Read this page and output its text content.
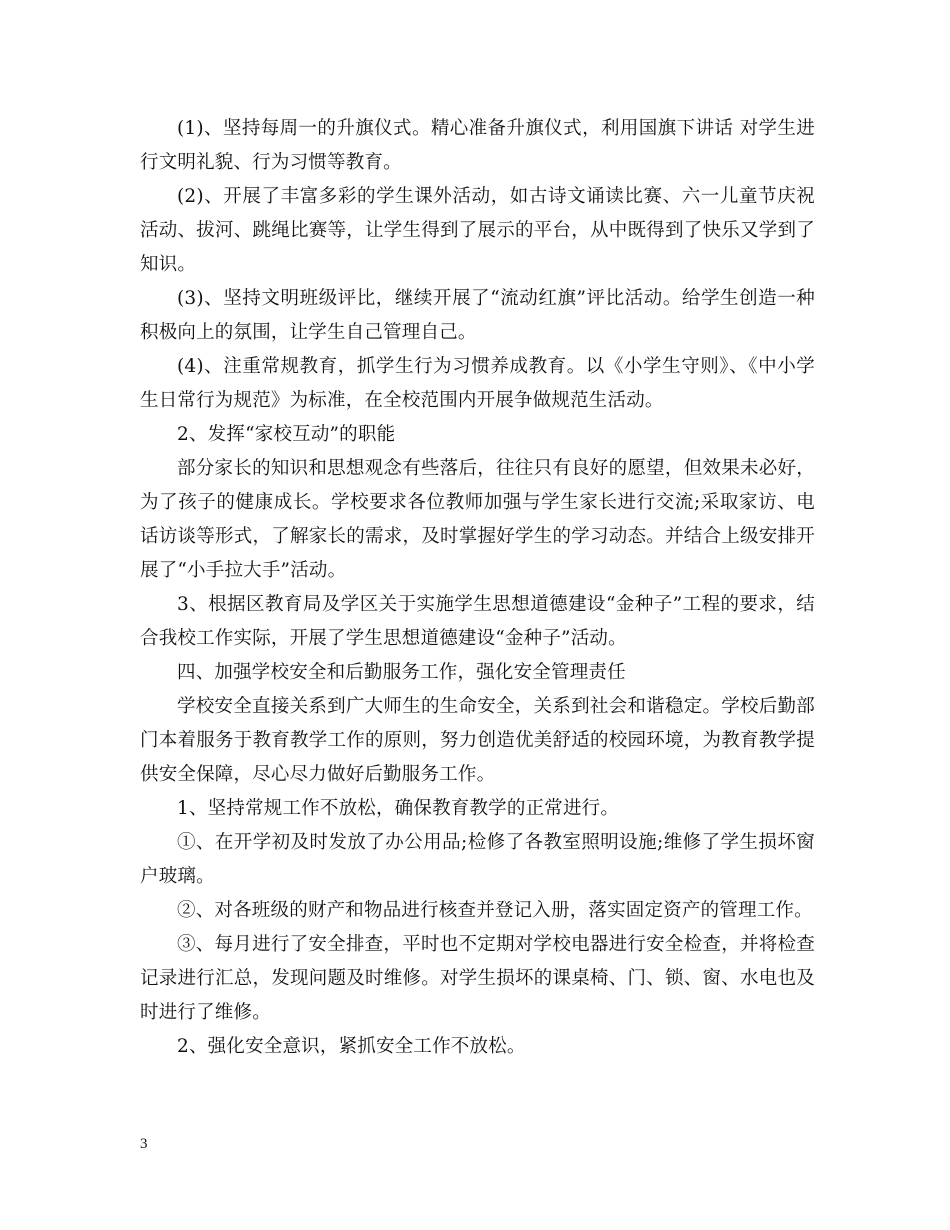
(1)、坚持每周一的升旗仪式。精心准备升旗仪式，利用国旗下讲话 对学生进行文明礼貌、行为习惯等教育。

(2)、开展了丰富多彩的学生课外活动，如古诗文诵读比赛、六一儿童节庆祝活动、拔河、跳绳比赛等，让学生得到了展示的平台，从中既得到了快乐又学到了知识。

(3)、坚持文明班级评比，继续开展了“流动红旗”评比活动。给学生创造一种积极向上的氛围，让学生自己管理自己。

(4)、注重常规教育，抓学生行为习惯养成教育。以《小学生守则》、《中小学生日常行为规范》为标准，在全校范围内开展争做规范生活动。

2、发挥“家校互动”的职能

部分家长的知识和思想观念有些落后，往往只有良好的愿望，但效果未必好，为了孩子的健康成长。学校要求各位教师加强与学生家长进行交流;采取家访、电话访谈等形式，了解家长的需求，及时掌握好学生的学习动态。并结合上级安排开展了“小手拉大手”活动。

3、根据区教育局及学区关于实施学生思想道德建设“金种子”工程的要求，结合我校工作实际，开展了学生思想道德建设“金种子”活动。

四、加强学校安全和后勤服务工作，强化安全管理责任

学校安全直接关系到广大师生的生命安全，关系到社会和谐稳定。学校后勤部门本着服务于教育教学工作的原则，努力创造优美舒适的校园环境，为教育教学提供安全保障，尽心尽力做好后勤服务工作。

1、坚持常规工作不放松，确保教育教学的正常进行。

①、在开学初及时发放了办公用品;检修了各教室照明设施;维修了学生损坏窗户玻璃。

②、对各班级的财产和物品进行核查并登记入册，落实固定资产的管理工作。

③、每月进行了安全排查，平时也不定期对学校电器进行安全检查，并将检查记录进行汇总，发现问题及时维修。对学生损坏的课桌椅、门、锁、窗、水电也及时进行了维修。

2、强化安全意识，紧抓安全工作不放松。

3
